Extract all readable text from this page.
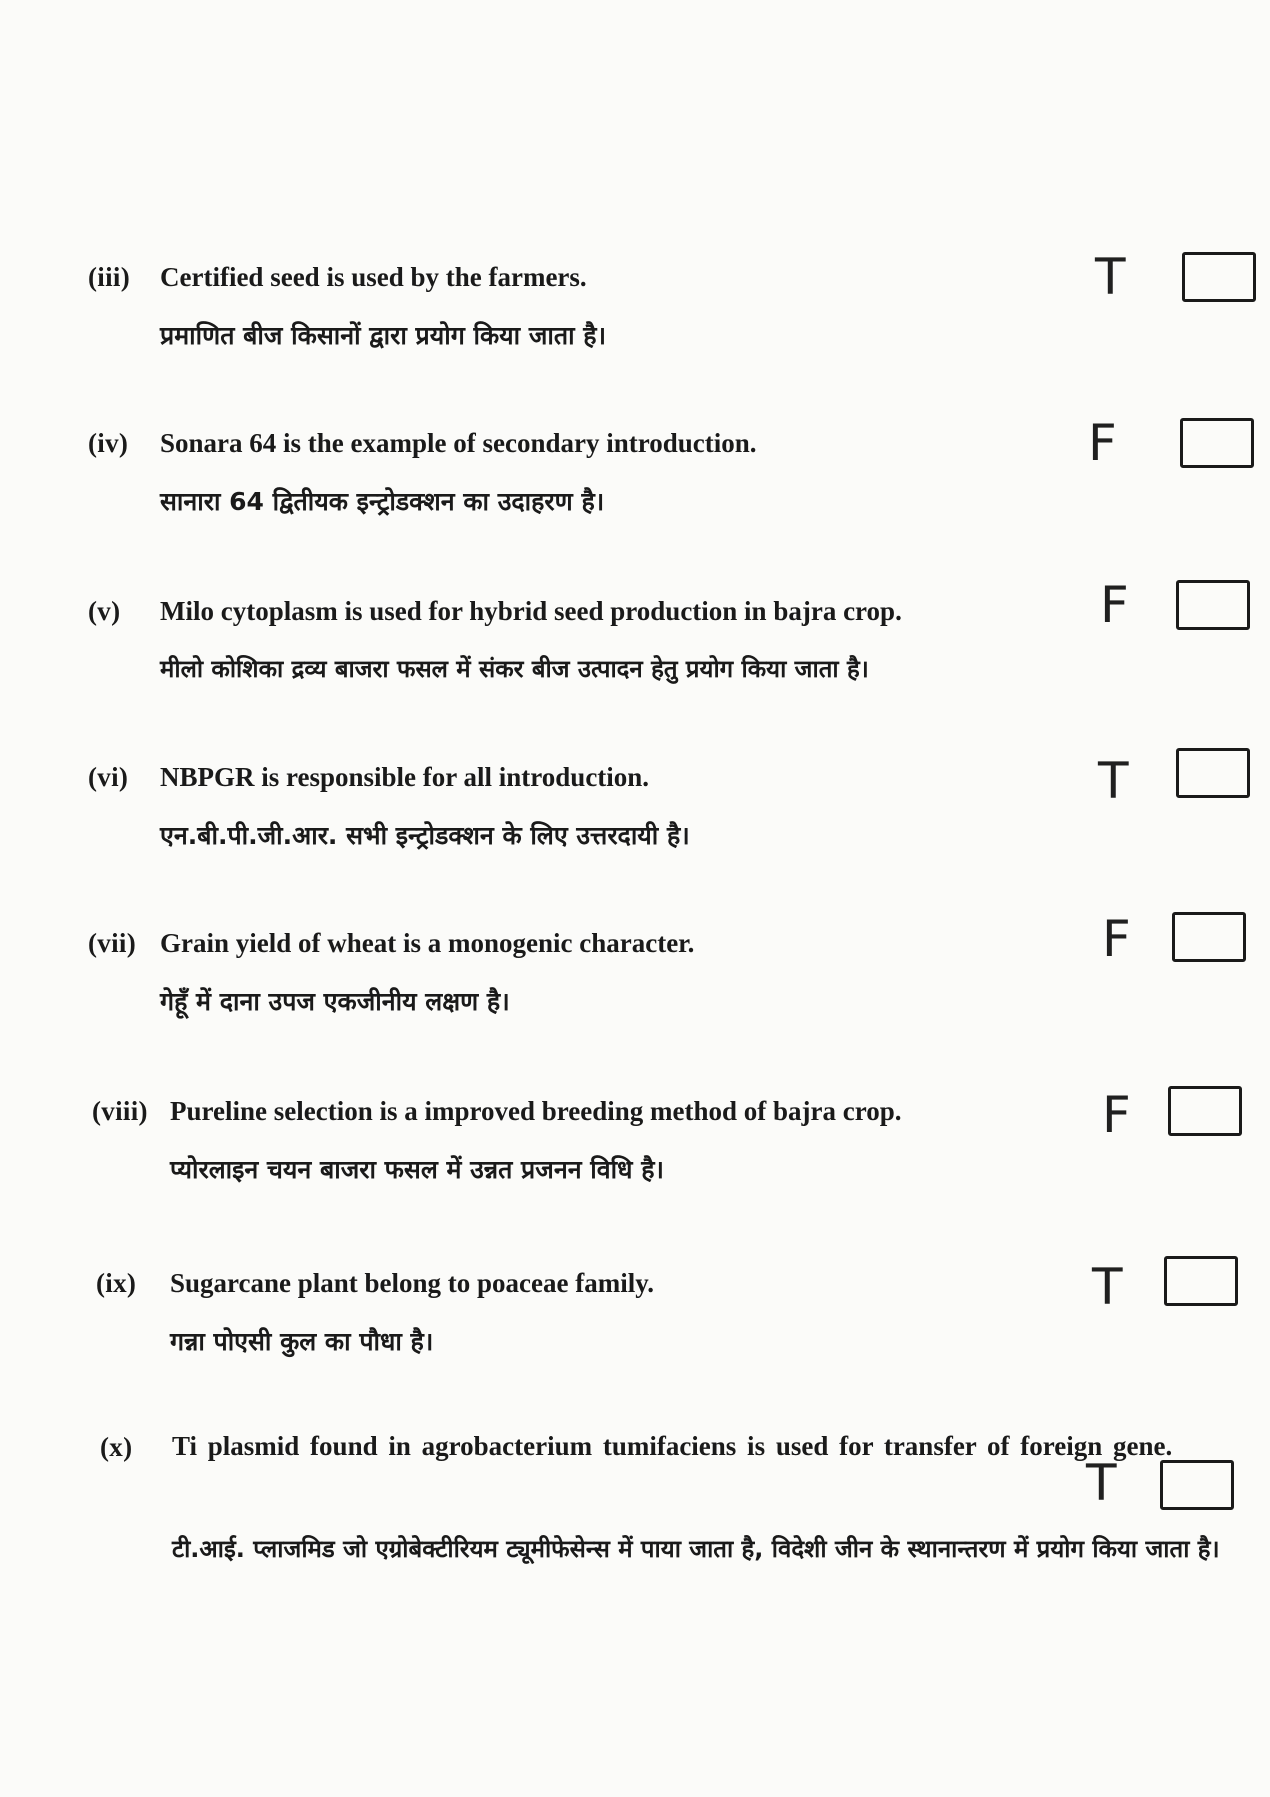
(iii) Certified seed is used by the farmers.
प्रमाणित बीज किसानों द्वारा प्रयोग किया जाता है।
T
(iv) Sonara 64 is the example of secondary introduction.
सानारा 64 द्वितीयक इन्ट्रोडक्शन का उदाहरण है।
F
(v) Milo cytoplasm is used for hybrid seed production in bajra crop.
मीलो कोशिका द्रव्य बाजरा फसल में संकर बीज उत्पादन हेतु प्रयोग किया जाता है।
F
(vi) NBPGR is responsible for all introduction.
एन.बी.पी.जी.आर. सभी इन्ट्रोडक्शन के लिए उत्तरदायी है।
T
(vii) Grain yield of wheat is a monogenic character.
गेहूँ में दाना उपज एकजीनीय लक्षण है।
F
(viii) Pureline selection is a improved breeding method of bajra crop.
प्योरलाइन चयन बाजरा फसल में उन्नत प्रजनन विधि है।
F
(ix) Sugarcane plant belong to poaceae family.
गन्ना पोएसी कुल का पौधा है।
T
(x) Ti plasmid found in agrobacterium tumifaciens is used for transfer of foreign gene.
टी.आई. प्लाजमिड जो एग्रोबेक्टीरियम ट्यूमीफेसेन्स में पाया जाता है, विदेशी जीन के स्थानान्तरण में प्रयोग किया जाता है।
T
